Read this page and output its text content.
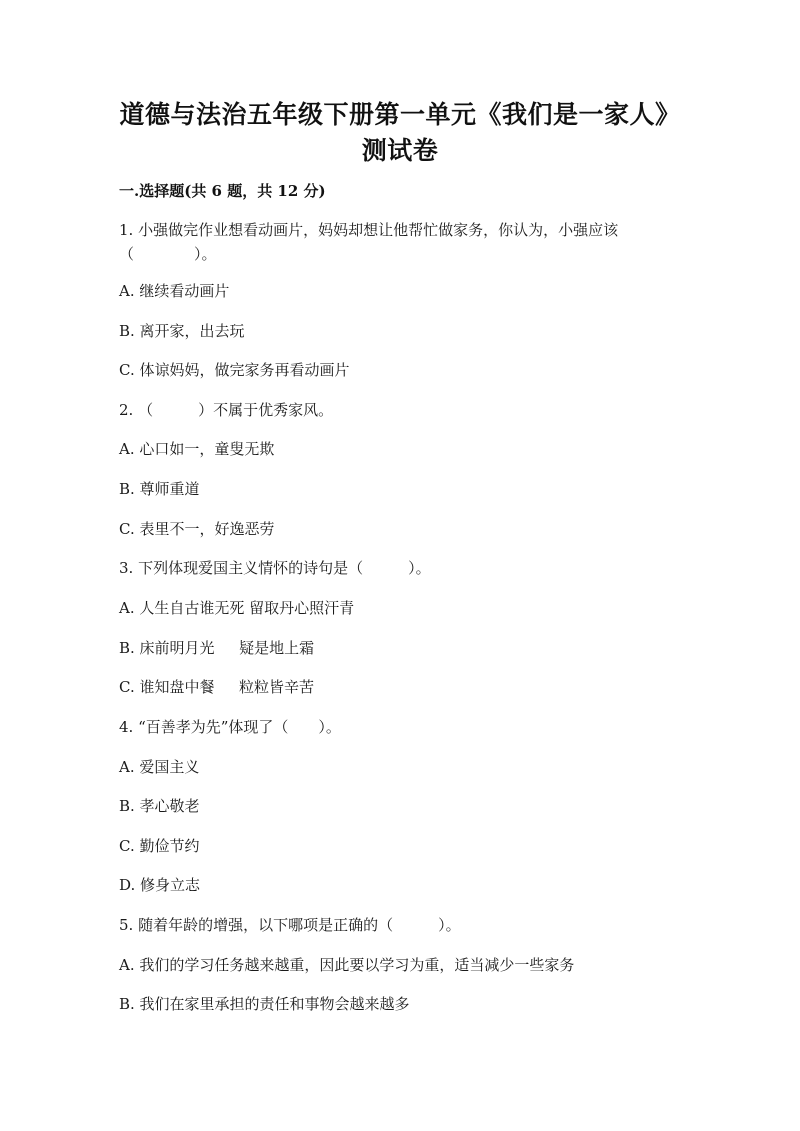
道德与法治五年级下册第一单元《我们是一家人》
测试卷
一.选择题(共 6 题，共 12 分)
1. 小强做完作业想看动画片，妈妈却想让他帮忙做家务，你认为，小强应该
（　　　　）。
A. 继续看动画片
B. 离开家，出去玩
C. 体谅妈妈，做完家务再看动画片
2. （　　　）不属于优秀家风。
A. 心口如一，童叟无欺
B. 尊师重道
C. 表里不一，好逸恶劳
3. 下列体现爱国主义情怀的诗句是（　　　）。
A. 人生自古谁无死 留取丹心照汗青
B. 床前明月光　  疑是地上霜
C. 谁知盘中餐　  粒粒皆辛苦
4. “百善孝为先”体现了（　　）。
A. 爱国主义
B. 孝心敬老
C. 勤俭节约
D. 修身立志
5. 随着年龄的增强，以下哪项是正确的（　　　）。
A. 我们的学习任务越来越重，因此要以学习为重，适当减少一些家务
B. 我们在家里承担的责任和事物会越来越多
